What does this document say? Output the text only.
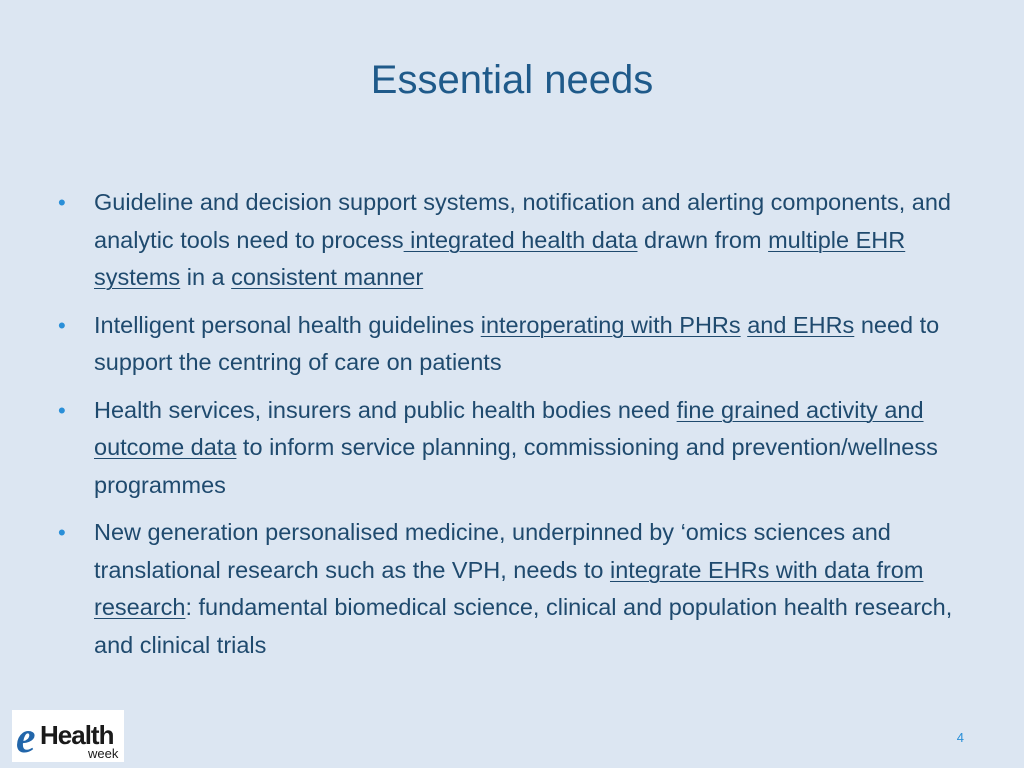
Essential needs
• Guideline and decision support systems, notification and alerting components, and analytic tools need to process integrated health data drawn from multiple EHR systems in a consistent manner
• Intelligent personal health guidelines interoperating with PHRs and EHRs need to support the centring of care on patients
• Health services, insurers and public health bodies need fine grained activity and outcome data to inform service planning, commissioning and prevention/wellness programmes
• New generation personalised medicine, underpinned by ‘omics sciences and translational research such as the VPH, needs to integrate EHRs with data from research: fundamental biomedical science, clinical and population health research, and clinical trials
e Health
week
4
